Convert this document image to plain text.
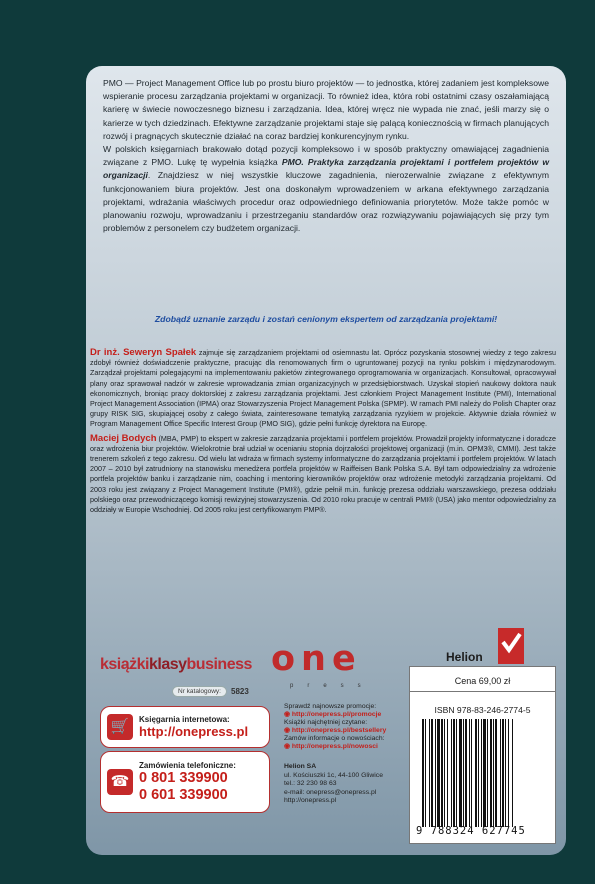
PMO — Project Management Office lub po prostu biuro projektów — to jednostka, której zadaniem jest kompleksowe wspieranie procesu zarządzania projektami w organizacji. To również idea, która robi ostatnimi czasy oszałamiającą karierę w świecie nowoczesnego biznesu i zarządzania. Idea, której wręcz nie wypada nie znać, jeśli marzy się o karierze w tych dziedzinach. Efektywne zarządzanie projektami staje się palącą koniecznością w firmach planujących rozwój i pragnących skutecznie działać na coraz bardziej konkurencyjnym rynku.

W polskich księgarniach brakowało dotąd pozycji kompleksowo i w sposób praktyczny omawiającej zagadnienia związane z PMO. Lukę tę wypełnia książka PMO. Praktyka zarządzania projektami i portfelem projektów w organizacji. Znajdziesz w niej wszystkie kluczowe zagadnienia, nierozerwalnie związane z efektywnym funkcjonowaniem biura projektów. Jest ona doskonałym wprowadzeniem w arkana efektywnego zarządzania projektami, wdrażania właściwych procedur oraz odpowiedniego definiowania priorytetów. Może także pomóc w planowaniu rozwoju, wprowadzaniu i przestrzeganiu standardów oraz rozwiązywaniu pojawiających się przy tym problemów z personelem czy budżetem organizacji.

Zdobądź uznanie zarządu i zostań cenionym ekspertem od zarządzania projektami!

Dr inż. Seweryn Spałek zajmuje się zarządzaniem projektami od osiemnastu lat. Oprócz pozyskania stosownej wiedzy z tego zakresu zdobył również doświadczenie praktyczne, pracując dla renomowanych firm o ugruntowanej pozycji na rynku polskim i międzynarodowym. Zarządzał projektami polegającymi na implementowaniu pakietów zintegrowanego oprogramowania w organizacjach. Konsultował, opracowywał plany oraz sprawował nadzór w zakresie wprowadzania zmian organizacyjnych w przedsiębiorstwach. Uzyskał stopień naukowy doktora nauk ekonomicznych, broniąc pracy doktorskiej z zakresu zarządzania projektami. Jest członkiem Project Management Institute (PMI), International Project Management Association (IPMA) oraz Stowarzyszenia Project Management Polska (SPMP). W ramach PMI należy do Polish Chapter oraz grupy RISK SIG, skupiającej osoby z całego świata, zainteresowane tematyką zarządzania ryzykiem w projekcie. Aktywnie działa również w Program Management Office Specific Interest Group (PMO SIG), gdzie pełni funkcję dyrektora na Europę.

Maciej Bodych (MBA, PMP) to ekspert w zakresie zarządzania projektami i portfelem projektów. Prowadził projekty informatyczne i doradcze oraz wdrożenia biur projektów. Wielokrotnie brał udział w ocenianiu stopnia dojrzałości projektowej organizacji (m.in. OPM3®, CMMI). Jest także trenerem szkoleń z tego zakresu. Od wielu lat wdraża w firmach systemy informatyczne do zarządzania projektami i portfelem projektów. W latach 2007 – 2010 był zatrudniony na stanowisku menedżera portfela projektów w Raiffeisen Bank Polska S.A. Był tam odpowiedzialny za wdrożenie portfela projektów banku i zarządzanie nim, coaching i mentoring kierowników projektów oraz wdrożenie metodyki zarządzania projektami. Od 2003 roku jest związany z Project Management Institute (PMI®), gdzie pełnił m.in. funkcję prezesa oddziału warszawskiego, prezesa oddziału polskiego oraz przewodniczącego komisji rewizyjnej stowarzyszenia. Od 2010 roku pracuje w centrali PMI® (USA) jako mentor odpowiedzialny za oddziały w Europie Wschodniej. Od 2005 roku jest certyfikowanym PMP®.

książkiklasybusiness
Nr katalogowy:	5823
🛒	Księgarnia internetowa:
http://onepress.pl
☎
Zamówienia telefoniczne:
0 801 339900
0 601 339900
one
press
Sprawdź najnowsze promocje:
◉ http://onepress.pl/promocje
Książki najchętniej czytane:
◉ http://onepress.pl/bestsellery
Zamów informacje o nowościach:
◉ http://onepress.pl/nowosci
Helion SA
ul. Kościuszki 1c, 44-100 Gliwice
tel.: 32 230 98 63
e-mail: onepress@onepress.pl
http://onepress.pl
Helion
Cena 69,00 zł
ISBN 978-83-246-2774-5
9 788324 627745
